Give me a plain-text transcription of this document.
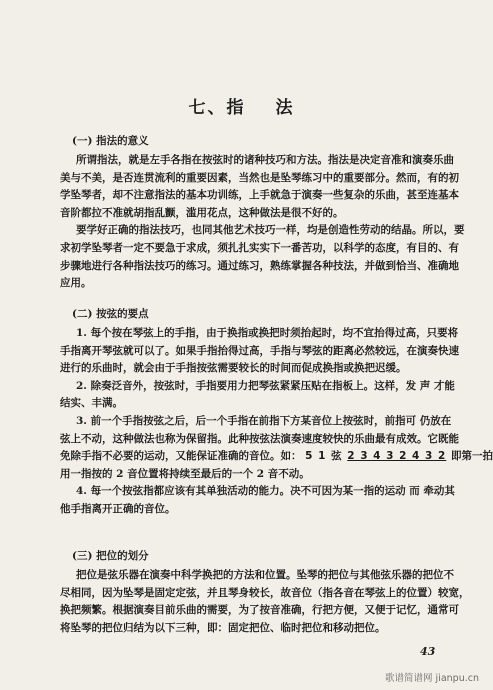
七、指 法
(一) 指法的意义

所谓指法，就是左手各指在按弦时的诸种技巧和方法。指法是决定音准和演奏乐曲

美与不美，是否连贯流利的重要因素，当然也是坠琴练习中的重要部分。然而，有的初

学坠琴者，却不注意指法的基本功训练，上手就急于演奏一些复杂的乐曲，甚至连基本

音阶都拉不准就胡指乱颤，滥用花点，这种做法是很不好的。

要学好正确的指法技巧，也同其他艺术技巧一样，均是创造性劳动的结晶。所以，要

求初学坠琴者一定不要急于求成，须扎扎实实下一番苦功，以科学的态度，有目的、有

步骤地进行各种指法技巧的练习。通过练习，熟练掌握各种技法，并做到恰当、准确地

应用。

(二) 按弦的要点

1. 每个按在琴弦上的手指，由于换指或换把时须抬起时，均不宜抬得过高，只要将

手指离开琴弦就可以了。如果手指抬得过高，手指与琴弦的距离必然较远，在演奏快速

进行的乐曲时，就会由于手指按弦需要较长的时间而促成换指或换把迟缓。

2. 除奏泛音外，按弦时，手指要用力把琴弦紧紧压贴在指板上。这样，发 声 才能

结实、丰满。

3. 前一个手指按弦之后，后一个手指在前指下方某音位上按弦时，前指可 仍放在

弦上不动，这种做法也称为保留指。此种按弦法演奏速度较快的乐曲最有成效。它既能

免除手指不必要的运动，又能保证准确的音位。如： 5 1 弦 2 3 4 3 2 4 3 2 即第一拍

用一指按的 2 音位置将持续至最后的一个 2 音不动。

4. 每一个按弦指都应该有其单独活动的能力。决不可因为某一指的运动 而 牵动其

他手指离开正确的音位。

(三) 把位的划分

把位是弦乐器在演奏中科学换把的方法和位置。坠琴的把位与其他弦乐器的把位不

尽相同，因为坠琴是固定定弦，并且琴身较长，故音位（指各音在琴弦上的位置）较宽，

换把频繁。根据演奏目前乐曲的需要，为了按音准确，行把方便，又便于记忆，通常可

将坠琴的把位归结为以下三种，即：固定把位、临时把位和移动把位。

43
歌谱简谱网 jianpu.cn
